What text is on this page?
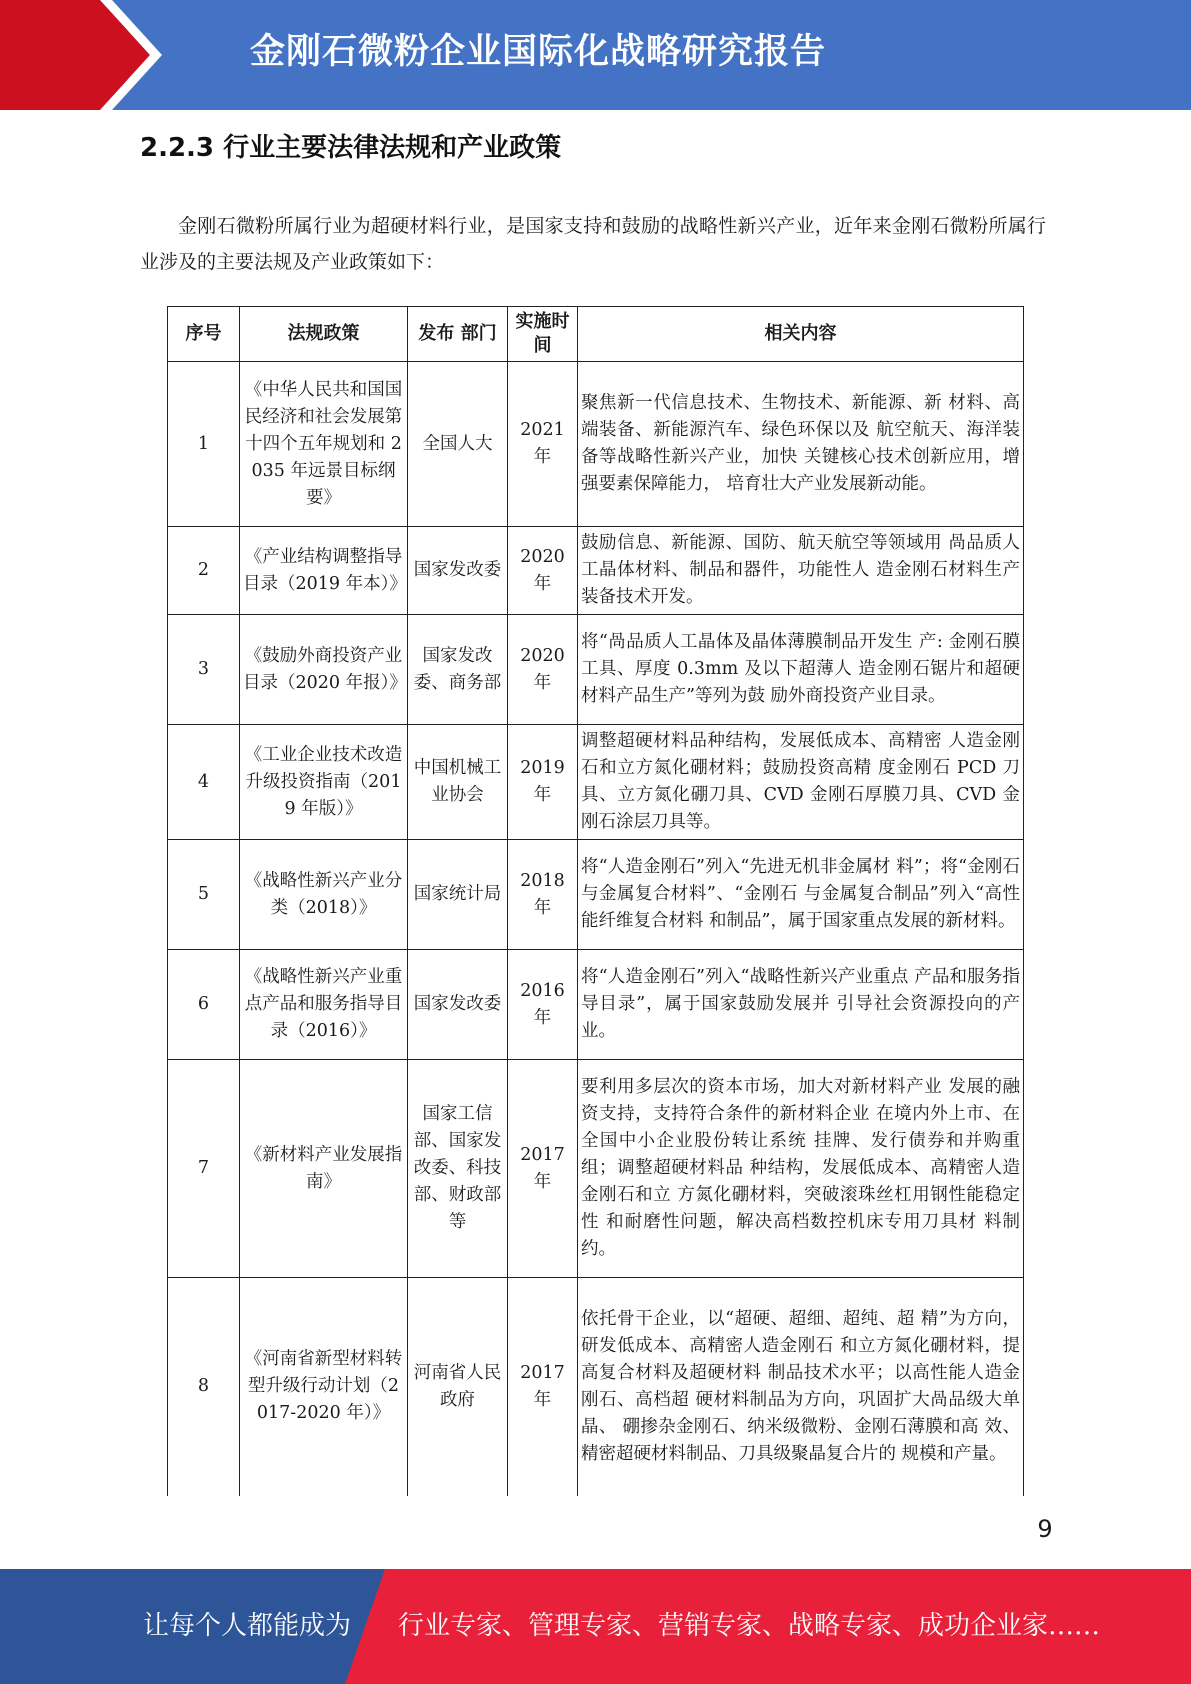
金刚石微粉企业国际化战略研究报告
2.2.3 行业主要法律法规和产业政策

金刚石微粉所属行业为超硬材料行业，是国家支持和鼓励的战略性新兴产业，近年来金刚石微粉所属行业涉及的主要法规及产业政策如下：

序号	法规政策	发布 部门	实施时间	相关内容
1	《中华人民共和国国民经济和社会发展第十四个五年规划和 2035 年远景目标纲要》	全国人大	2021 年	聚焦新一代信息技术、生物技术、新能源、新 材料、高端装备、新能源汽车、绿色环保以及 航空航天、海洋装备等战略性新兴产业，加快 关键核心技术创新应用，增强要素保障能力， 培育壮大产业发展新动能。
2	《产业结构调整指导目录（2019 年本）》	国家发改委	2020 年	鼓励信息、新能源、国防、航天航空等领域用 咼品质人工晶体材料、制品和器件，功能性人 造金刚石材料生产装备技术开发。
3	《鼓励外商投资产业目录（2020 年报）》	国家发改委、商务部	2020 年	将“咼品质人工晶体及晶体薄膜制品开发生 产: 金刚石膜工具、厚度 0.3mm 及以下超薄人 造金刚石锯片和超硬材料产品生产”等列为鼓 励外商投资产业目录。
4	《工业企业技术改造升级投资指南（2019 年版）》	中国机械工业协会	2019 年	调整超硬材料品种结构，发展低成本、高精密 人造金刚石和立方氮化硼材料；鼓励投资高精 度金刚石 PCD 刀具、立方氮化硼刀具、CVD 金刚石厚膜刀具、CVD 金刚石涂层刀具等。
5	《战略性新兴产业分类（2018）》	国家统计局	2018 年	将“人造金刚石”列入“先进无机非金属材 料”；将“金刚石与金属复合材料”、“金刚石 与金属复合制品”列入“高性能纤维复合材料 和制品”，属于国家重点发展的新材料。
6	《战略性新兴产业重点产品和服务指导目录（2016）》	国家发改委	2016 年	将“人造金刚石”列入“战略性新兴产业重点 产品和服务指导目录”，属于国家鼓励发展并 引导社会资源投向的产业。
7	《新材料产业发展指南》	国家工信部、国家发改委、科技部、财政部等	2017 年	要利用多层次的资本市场，加大对新材料产业 发展的融资支持，支持符合条件的新材料企业 在境内外上市、在全国中小企业股份转让系统 挂牌、发行债券和并购重组；调整超硬材料品 种结构，发展低成本、高精密人造金刚石和立 方氮化硼材料，突破滚珠丝杠用钢性能稳定性 和耐磨性问题，解决高档数控机床专用刀具材 料制约。
8	《河南省新型材料转型升级行动计划（2017-2020 年）》	河南省人民政府	2017 年	依托骨干企业，以“超硬、超细、超纯、超 精”为方向，研发低成本、高精密人造金刚石 和立方氮化硼材料，提高复合材料及超硬材料 制品技术水平；以高性能人造金刚石、高档超 硬材料制品为方向，巩固扩大咼品级大单晶、 硼掺杂金刚石、纳米级微粉、金刚石薄膜和高 效、精密超硬材料制品、刀具级聚晶复合片的 规模和产量。
9
让每个人都能成为 行业专家、管理专家、营销专家、战略专家、成功企业家……
